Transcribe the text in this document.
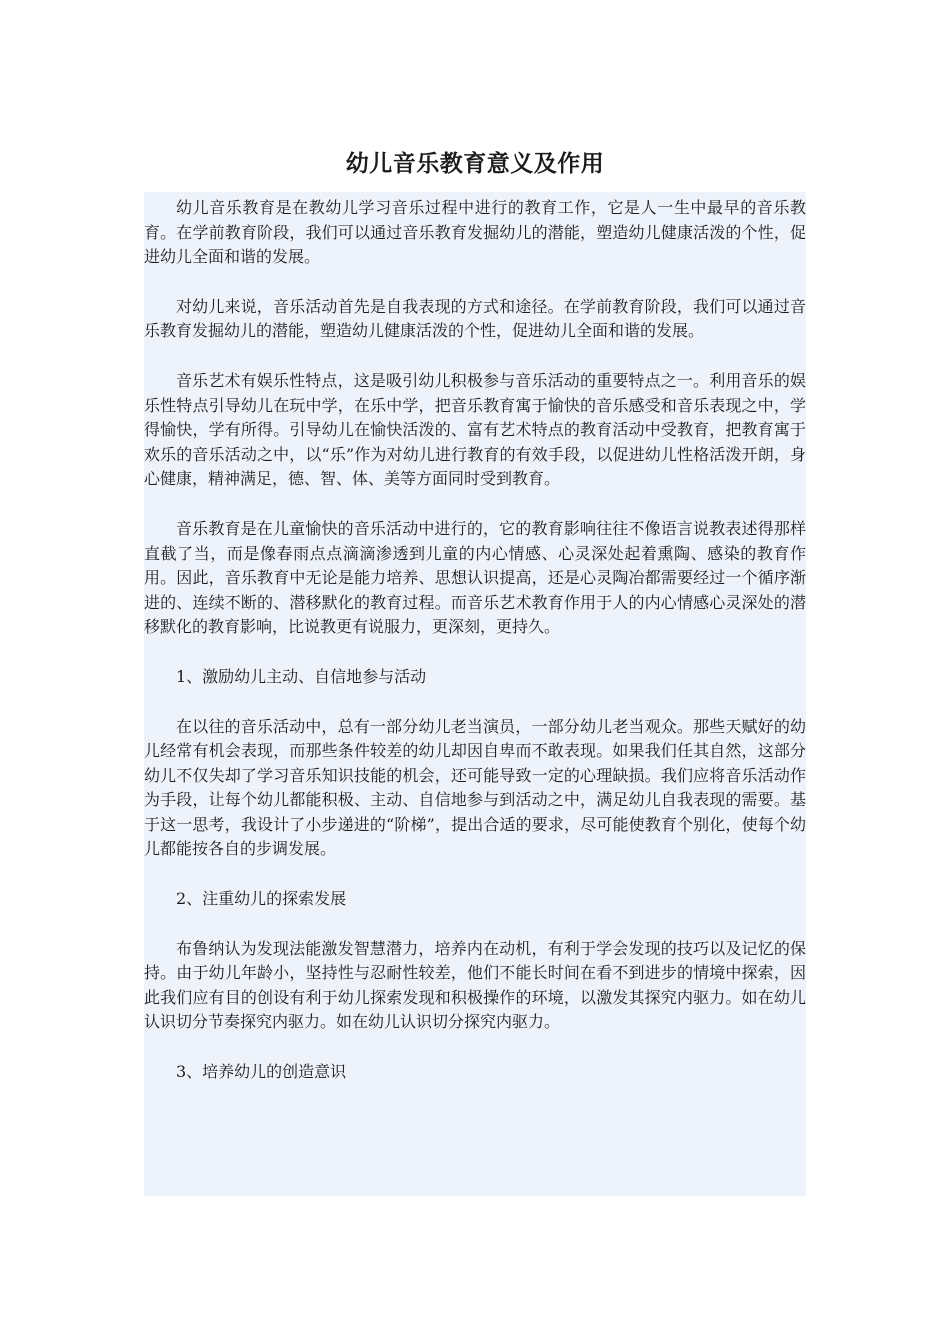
幼儿音乐教育意义及作用

幼儿音乐教育是在教幼儿学习音乐过程中进行的教育工作，它是人一生中最早的音乐教育。在学前教育阶段，我们可以通过音乐教育发掘幼儿的潜能，塑造幼儿健康活泼的个性，促进幼儿全面和谐的发展。

对幼儿来说，音乐活动首先是自我表现的方式和途径。在学前教育阶段，我们可以通过音乐教育发掘幼儿的潜能，塑造幼儿健康活泼的个性，促进幼儿全面和谐的发展。

音乐艺术有娱乐性特点，这是吸引幼儿积极参与音乐活动的重要特点之一。利用音乐的娱乐性特点引导幼儿在玩中学，在乐中学，把音乐教育寓于愉快的音乐感受和音乐表现之中，学得愉快，学有所得。引导幼儿在愉快活泼的、富有艺术特点的教育活动中受教育，把教育寓于欢乐的音乐活动之中，以“乐”作为对幼儿进行教育的有效手段，以促进幼儿性格活泼开朗，身心健康，精神满足，德、智、体、美等方面同时受到教育。

音乐教育是在儿童愉快的音乐活动中进行的，它的教育影响往往不像语言说教表述得那样直截了当，而是像春雨点点滴滴渗透到儿童的内心情感、心灵深处起着熏陶、感染的教育作用。因此，音乐教育中无论是能力培养、思想认识提高，还是心灵陶冶都需要经过一个循序渐进的、连续不断的、潜移默化的教育过程。而音乐艺术教育作用于人的内心情感心灵深处的潜移默化的教育影响，比说教更有说服力，更深刻，更持久。

1、激励幼儿主动、自信地参与活动

在以往的音乐活动中，总有一部分幼儿老当演员，一部分幼儿老当观众。那些天赋好的幼儿经常有机会表现，而那些条件较差的幼儿却因自卑而不敢表现。如果我们任其自然，这部分幼儿不仅失却了学习音乐知识技能的机会，还可能导致一定的心理缺损。我们应将音乐活动作为手段，让每个幼儿都能积极、主动、自信地参与到活动之中，满足幼儿自我表现的需要。基于这一思考，我设计了小步递进的“阶梯”，提出合适的要求，尽可能使教育个别化，使每个幼儿都能按各自的步调发展。

2、注重幼儿的探索发展

布鲁纳认为发现法能激发智慧潜力，培养内在动机，有利于学会发现的技巧以及记忆的保持。由于幼儿年龄小，坚持性与忍耐性较差，他们不能长时间在看不到进步的情境中探索，因此我们应有目的创设有利于幼儿探索发现和积极操作的环境，以激发其探究内驱力。如在幼儿认识切分节奏探究内驱力。如在幼儿认识切分探究内驱力。

3、培养幼儿的创造意识
